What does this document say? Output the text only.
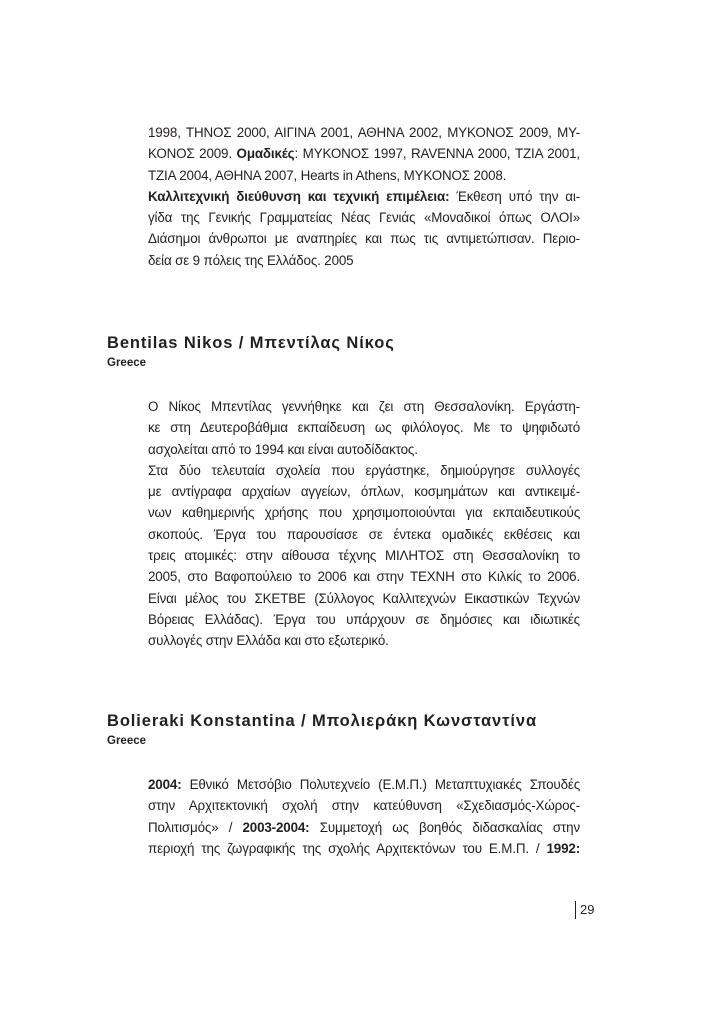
1998, ΤΗΝΟΣ 2000, ΑΙΓΙΝΑ 2001, ΑΘΗΝΑ 2002, ΜΥΚΟΝΟΣ 2009, ΜΥ-
ΚΟΝΟΣ 2009. Ομαδικές: ΜΥΚΟΝΟΣ 1997, RAVENNA 2000, ΤΖΙΑ 2001,
ΤΖΙΑ 2004, ΑΘΗΝΑ 2007, Hearts in Athens, ΜΥΚΟΝΟΣ 2008.
Καλλιτεχνική διεύθυνση και τεχνική επιμέλεια: Έκθεση υπό την αι-
γίδα της Γενικής Γραμματείας Νέας Γενιάς «Μοναδικοί όπως ΟΛΟΙ»
Διάσημοι άνθρωποι με αναπηρίες και πως τις αντιμετώπισαν. Περιο-
δεία σε 9 πόλεις της Ελλάδος. 2005
Bentilas Nikos / Μπεντίλας Νίκος
Greece
Ο Νίκος Μπεντίλας γεννήθηκε και ζει στη Θεσσαλονίκη. Εργάστη-
κε στη Δευτεροβάθμια εκπαίδευση ως φιλόλογος. Με το ψηφιδωτό
ασχολείται από το 1994 και είναι αυτοδίδακτος.
Στα δύο τελευταία σχολεία που εργάστηκε, δημιούργησε συλλογές
με αντίγραφα αρχαίων αγγείων, όπλων, κοσμημάτων και αντικειμέ-
νων καθημερινής χρήσης που χρησιμοποιούνται για εκπαιδευτικούς
σκοπούς. Έργα του παρουσίασε σε έντεκα ομαδικές εκθέσεις και
τρεις ατομικές: στην αίθουσα τέχνης ΜΙΛΗΤΟΣ στη Θεσσαλονίκη το
2005, στο Βαφοπούλειο το 2006 και στην ΤΕΧΝΗ στο Κιλκίς το 2006.
Είναι μέλος του ΣΚΕΤΒΕ (Σύλλογος Καλλιτεχνών Εικαστικών Τεχνών
Βόρειας Ελλάδας). Έργα του υπάρχουν σε δημόσιες και ιδιωτικές
συλλογές στην Ελλάδα και στο εξωτερικό.
Bolieraki Konstantina / Μπολιεράκη Κωνσταντίνα
Greece
2004: Εθνικό Μετσόβιο Πολυτεχνείο (Ε.Μ.Π.) Μεταπτυχιακές Σπουδές
στην Αρχιτεκτονική σχολή στην κατεύθυνση «Σχεδιασμός-Χώρος-
Πολιτισμός» / 2003-2004: Συμμετοχή ως βοηθός διδασκαλίας στην
περιοχή της ζωγραφικής της σχολής Αρχιτεκτόνων του Ε.Μ.Π. / 1992:
29
